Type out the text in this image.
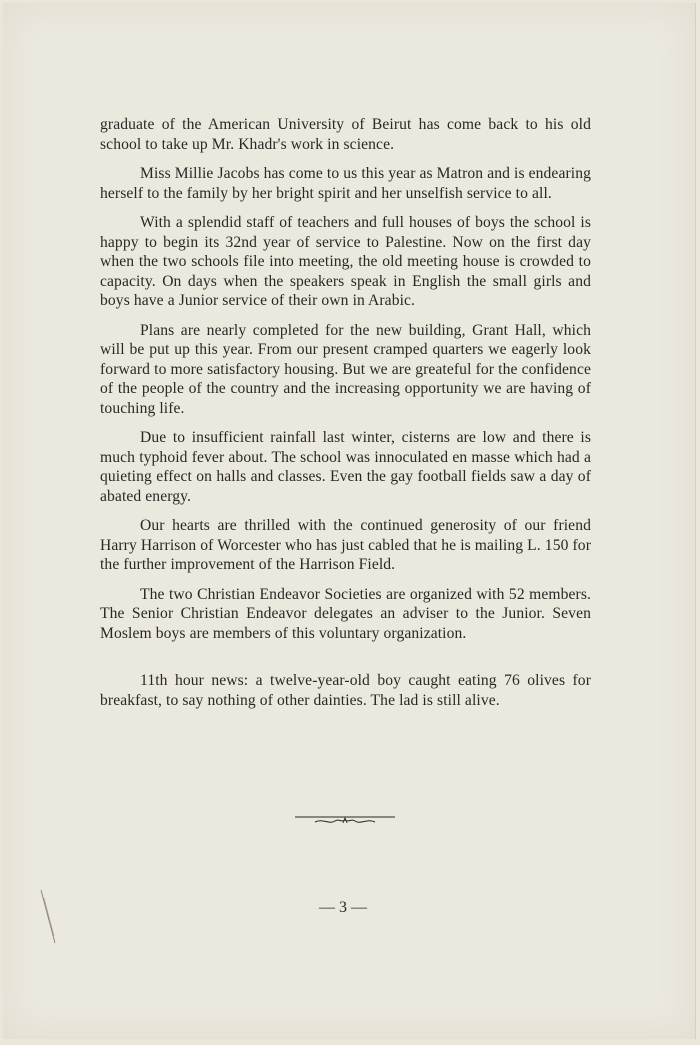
graduate of the American University of Beirut has come back to his old school to take up Mr. Khadr's work in science.

Miss Millie Jacobs has come to us this year as Matron and is endearing herself to the family by her bright spirit and her unselfish service to all.

With a splendid staff of teachers and full houses of boys the school is happy to begin its 32nd year of service to Palestine. Now on the first day when the two schools file into meeting, the old meeting house is crowded to capacity. On days when the speakers speak in English the small girls and boys have a Junior service of their own in Arabic.

Plans are nearly completed for the new building, Grant Hall, which will be put up this year. From our present cramped quarters we eagerly look forward to more satisfactory housing. But we are greateful for the confidence of the people of the country and the increasing opportunity we are having of touching life.

Due to insufficient rainfall last winter, cisterns are low and there is much typhoid fever about. The school was innoculated en masse which had a quieting effect on halls and classes. Even the gay football fields saw a day of abated energy.

Our hearts are thrilled with the continued generosity of our friend Harry Harrison of Worcester who has just cabled that he is mailing L. 150 for the further improvement of the Harrison Field.

The two Christian Endeavor Societies are organized with 52 members. The Senior Christian Endeavor delegates an adviser to the Junior. Seven Moslem boys are members of this voluntary organization.

11th hour news: a twelve-year-old boy caught eating 76 olives for breakfast, to say nothing of other dainties. The lad is still alive.

— 3 —
